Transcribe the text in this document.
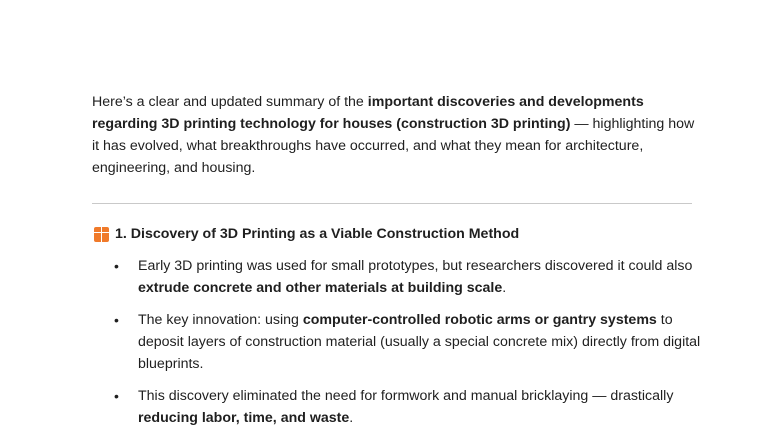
Here’s a clear and updated summary of the important discoveries and developments regarding 3D printing technology for houses (construction 3D printing) — highlighting how it has evolved, what breakthroughs have occurred, and what they mean for architecture, engineering, and housing.

1. Discovery of 3D Printing as a Viable Construction Method
• Early 3D printing was used for small prototypes, but researchers discovered it could also extrude concrete and other materials at building scale.
• The key innovation: using computer-controlled robotic arms or gantry systems to deposit layers of construction material (usually a special concrete mix) directly from digital blueprints.
• This discovery eliminated the need for formwork and manual bricklaying — drastically reducing labor, time, and waste.
